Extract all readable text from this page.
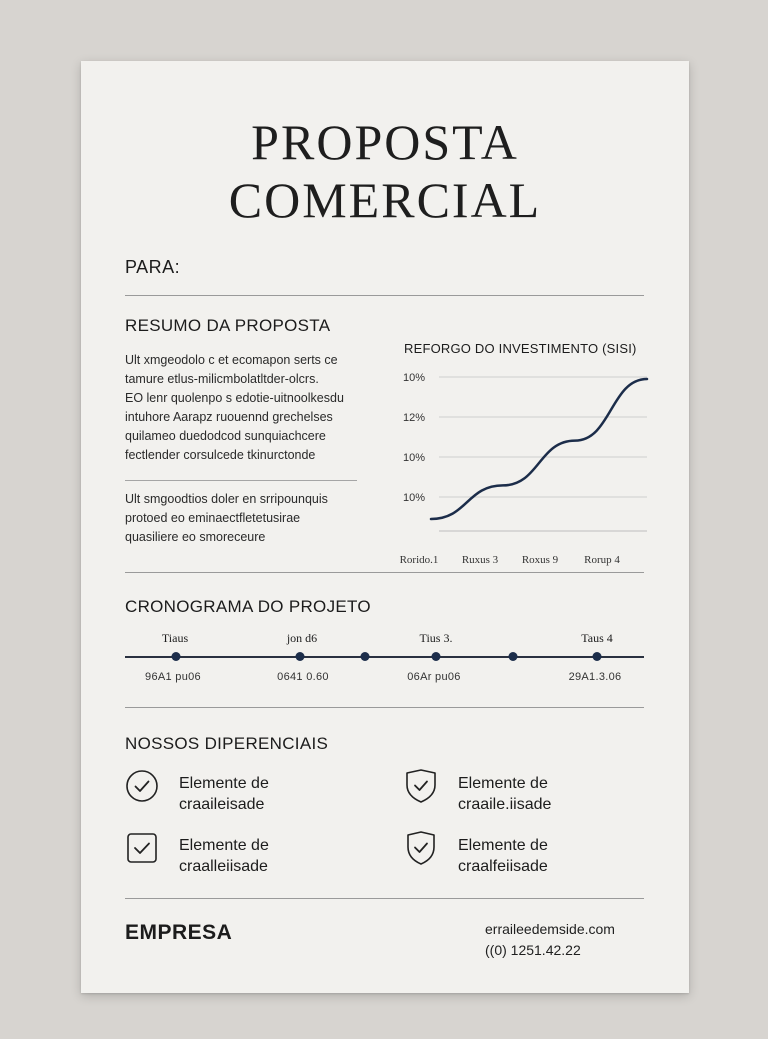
PROPOSTA
COMERCIAL
PARA:
RESUMO DA PROPOSTA
Ult xmgeodolo c et ecomapon serts ce
tamure etlus-milicmbolatltder-olcrs.
EO lenr quolenpo s edotie-uitnoolkesdu
intuhore Aarapz ruouennd grechelses
quilameo duedodcod sunquiachcere
fectlender corsulcede tkinurctonde
Ult smgoodtios doler en srripounquis
protoed eo eminaectfletetusirae
quasiliere eo smoreceure
REFORGO DO INVESTIMENTO (SISI)
10%
12%
10%
10%
Rorido.1 Ruxus 3 Roxus 9 Rorup 4
CRONOGRAMA DO PROJETO
Tiaus	jon d6	Tius 3.	Taus 4
96A1 pu06	0641 0.60	06Ar pu06	29A1.3.06
NOSSOS DIPERENCIAIS
Elemente de
craaileisade
Elemente de
craaile.iisade
Elemente de
craalleiisade
Elemente de
craalfeiisade
EMPRESA	erraileedemside.com
((0) 1251.42.22
